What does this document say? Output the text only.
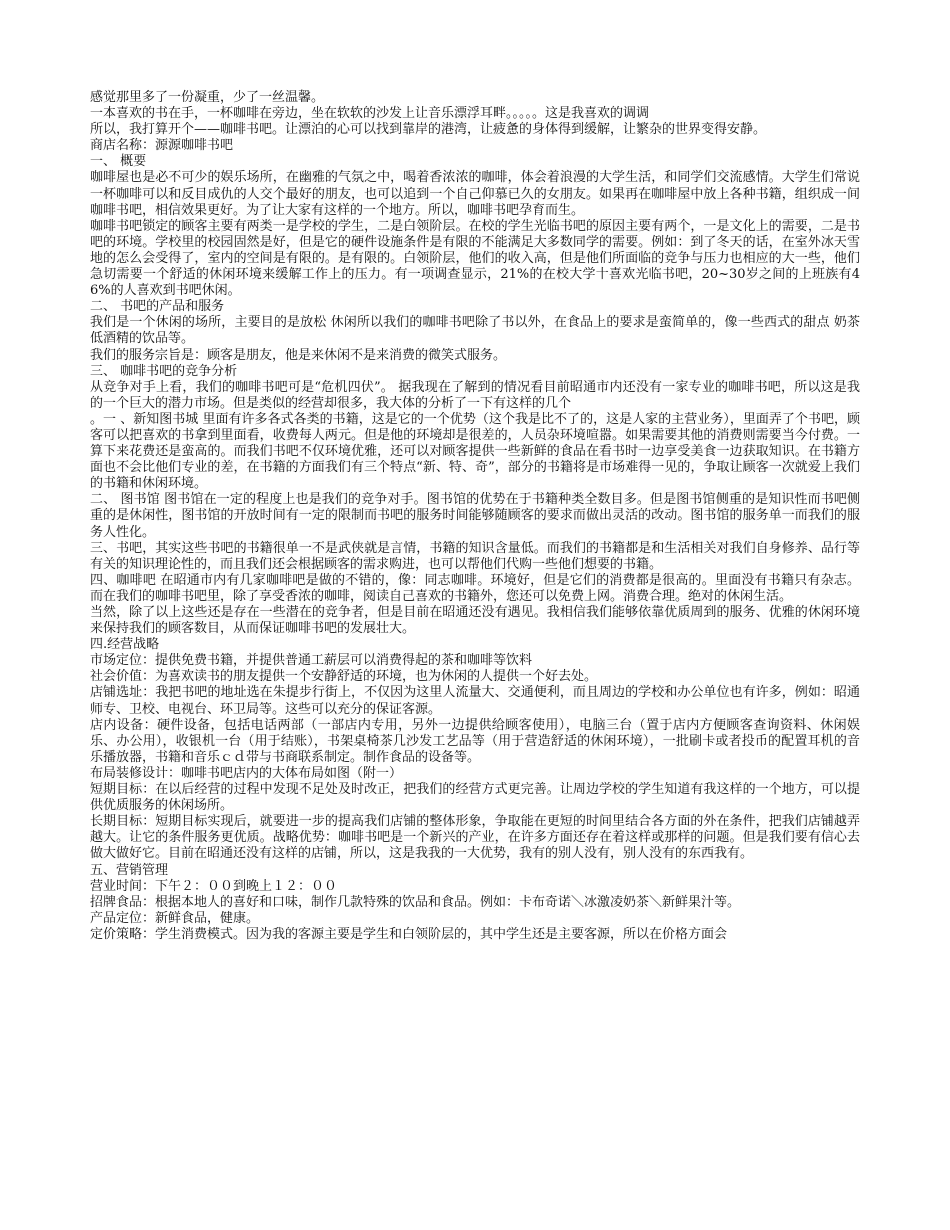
感觉那里多了一份凝重，少了一丝温馨。

一本喜欢的书在手，一杯咖啡在旁边，坐在软软的沙发上让音乐漂浮耳畔。。。。。这是我喜欢的调调

所以，我打算开个——咖啡书吧。让漂泊的心可以找到靠岸的港湾，让疲惫的身体得到缓解，让繁杂的世界变得安静。

商店名称：源源咖啡书吧

一、 概要

咖啡屋也是必不可少的娱乐场所，在幽雅的气氛之中，喝着香浓浓的咖啡，体会着浪漫的大学生活，和同学们交流感情。大学生们常说一杯咖啡可以和反目成仇的人交个最好的朋友，也可以追到一个自己仰慕已久的女朋友。如果再在咖啡屋中放上各种书籍，组织成一间咖啡书吧，相信效果更好。为了让大家有这样的一个地方。所以，咖啡书吧孕育而生。

咖啡书吧锁定的顾客主要有两类一是学校的学生，二是白领阶层。在校的学生光临书吧的原因主要有两个，一是文化上的需要，二是书吧的环境。学校里的校园固然是好，但是它的硬件设施条件是有限的不能满足大多数同学的需要。例如：到了冬天的话，在室外冰天雪地的怎么会受得了，室内的空间是有限的。是有限的。白领阶层，他们的收入高，但是他们所面临的竞争与压力也相应的大一些，他们急切需要一个舒适的休闲环境来缓解工作上的压力。有一项调查显示，21%的在校大学十喜欢光临书吧，20~30岁之间的上班族有46%的人喜欢到书吧休闲。

二、 书吧的产品和服务

我们是一个休闲的场所，主要目的是放松 休闲所以我们的咖啡书吧除了书以外，在食品上的要求是蛮简单的，像一些西式的甜点 奶茶 低酒精的饮品等。

我们的服务宗旨是：顾客是朋友，他是来休闲不是来消费的微笑式服务。

三、 咖啡书吧的竞争分析

从竞争对手上看，我们的咖啡书吧可是“危机四伏”。 据我现在了解到的情况看目前昭通市内还没有一家专业的咖啡书吧，所以这是我的一个巨大的潜力市场。但是类似的经营却很多，我大体的分析了一下有这样的几个

。一 、新知图书城 里面有许多各式各类的书籍，这是它的一个优势（这个我是比不了的，这是人家的主营业务），里面弄了个书吧，顾客可以把喜欢的书拿到里面看，收费每人两元。但是他的环境却是很差的，人员杂环境喧嚣。如果需要其他的消费则需要当今付费。一算下来花费还是蛮高的。而我们书吧不仅环境优雅，还可以对顾客提供一些新鲜的食品在看书时一边享受美食一边获取知识。在书籍方面也不会比他们专业的差，在书籍的方面我们有三个特点“新、特、奇”，部分的书籍将是市场难得一见的，争取让顾客一次就爱上我们的书籍和休闲环境。

二、 图书馆 图书馆在一定的程度上也是我们的竞争对手。图书馆的优势在于书籍种类全数目多。但是图书馆侧重的是知识性而书吧侧重的是休闲性，图书馆的开放时间有一定的限制而书吧的服务时间能够随顾客的要求而做出灵活的改动。图书馆的服务单一而我们的服务人性化。

三、书吧，其实这些书吧的书籍很单一不是武侠就是言情，书籍的知识含量低。而我们的书籍都是和生活相关对我们自身修养、品行等有关的知识理论性的，而且我们还会根据顾客的需求购进，也可以帮他们代购一些他们想要的书籍。

四、咖啡吧 在昭通市内有几家咖啡吧是做的不错的，像：同志咖啡。环境好，但是它们的消费都是很高的。里面没有书籍只有杂志。而在我们的咖啡书吧里，除了享受香浓的咖啡，阅读自己喜欢的书籍外，您还可以免费上网。消费合理。绝对的休闲生活。

当然，除了以上这些还是存在一些潜在的竞争者，但是目前在昭通还没有遇见。我相信我们能够依靠优质周到的服务、优雅的休闲环境来保持我们的顾客数目，从而保证咖啡书吧的发展壮大。

四.经营战略

市场定位：提供免费书籍，并提供普通工薪层可以消费得起的茶和咖啡等饮料

社会价值：为喜欢读书的朋友提供一个安静舒适的环境，也为休闲的人提供一个好去处。

店铺选址：我把书吧的地址选在朱提步行街上，不仅因为这里人流量大、交通便利，而且周边的学校和办公单位也有许多，例如：昭通师专、卫校、电视台、环卫局等。这些可以充分的保证客源。

店内设备：硬件设备，包括电话两部（一部店内专用，另外一边提供给顾客使用），电脑三台（置于店内方便顾客查询资料、休闲娱乐、办公用），收银机一台（用于结账），书架桌椅茶几沙发工艺品等（用于营造舒适的休闲环境），一批刷卡或者投币的配置耳机的音乐播放器，书籍和音乐ｃｄ带与书商联系制定。制作食品的设备等。

布局装修设计：咖啡书吧店内的大体布局如图（附一）

短期目标：在以后经营的过程中发现不足处及时改正，把我们的经营方式更完善。让周边学校的学生知道有我这样的一个地方，可以提供优质服务的休闲场所。

长期目标：短期目标实现后，就要进一步的提高我们店铺的整体形象，争取能在更短的时间里结合各方面的外在条件，把我们店铺越弄越大。让它的条件服务更优质。战略优势：咖啡书吧是一个新兴的产业，在许多方面还存在着这样或那样的问题。但是我们要有信心去做大做好它。目前在昭通还没有这样的店铺，所以，这是我我的一大优势，我有的别人没有，别人没有的东西我有。

五、营销管理

营业时间：下午２：００到晚上１２：００

招牌食品：根据本地人的喜好和口味，制作几款特殊的饮品和食品。例如：卡布奇诺＼冰激凌奶茶＼新鲜果汁等。

产品定位：新鲜食品，健康。

定价策略：学生消费模式。因为我的客源主要是学生和白领阶层的，其中学生还是主要客源，所以在价格方面会
